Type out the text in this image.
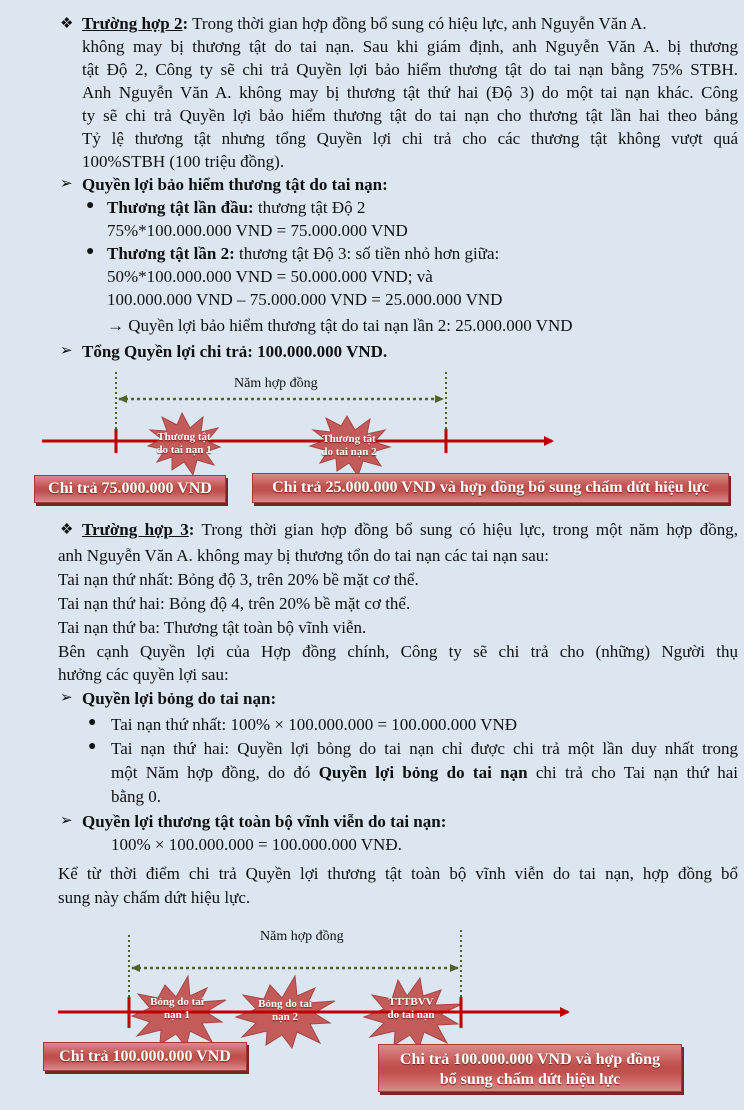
❖ Trường hợp 2: Trong thời gian hợp đồng bổ sung có hiệu lực, anh Nguyễn Văn A.
không may bị thương tật do tai nạn. Sau khi giám định, anh Nguyễn Văn A. bị thương
tật Độ 2, Công ty sẽ chi trả Quyền lợi bảo hiểm thương tật do tai nạn bằng 75% STBH.
Anh Nguyễn Văn A. không may bị thương tật thứ hai (Độ 3) do một tai nạn khác. Công
ty sẽ chi trả Quyền lợi bảo hiểm thương tật do tai nạn cho thương tật lần hai theo bảng
Tỷ lệ thương tật nhưng tổng Quyền lợi chi trả cho các thương tật không vượt quá
100%STBH (100 triệu đồng).
➢ Quyền lợi bảo hiểm thương tật do tai nạn:
● Thương tật lần đầu: thương tật Độ 2
75%*100.000.000 VND = 75.000.000 VND
● Thương tật lần 2: thương tật Độ 3: số tiền nhỏ hơn giữa:
50%*100.000.000 VND = 50.000.000 VND; và
100.000.000 VND – 75.000.000 VND = 25.000.000 VND
→ Quyền lợi bảo hiểm thương tật do tai nạn lần 2: 25.000.000 VND
➢ Tổng Quyền lợi chi trả: 100.000.000 VND.
Năm hợp đồng
Thương tật
do tai nạn 1
Thương tật
do tai nạn 2
Chi trả 75.000.000 VND	Chi trả 25.000.000 VND và hợp đồng bổ sung chấm dứt hiệu lực
❖ Trường hợp 3: Trong thời gian hợp đồng bổ sung có hiệu lực, trong một năm hợp đồng,
anh Nguyễn Văn A. không may bị thương tổn do tai nạn các tai nạn sau:
Tai nạn thứ nhất: Bỏng độ 3, trên 20% bề mặt cơ thể.
Tai nạn thứ hai: Bỏng độ 4, trên 20% bề mặt cơ thể.
Tai nạn thứ ba: Thương tật toàn bộ vĩnh viễn.
Bên cạnh Quyền lợi của Hợp đồng chính, Công ty sẽ chi trả cho (những) Người thụ
hưởng các quyền lợi sau:
➢ Quyền lợi bỏng do tai nạn:
● Tai nạn thứ nhất: 100% × 100.000.000 = 100.000.000 VNĐ
● Tai nạn thứ hai: Quyền lợi bỏng do tai nạn chỉ được chi trả một lần duy nhất trong
một Năm hợp đồng, do đó Quyền lợi bỏng do tai nạn chi trả cho Tai nạn thứ hai
bằng 0.
➢ Quyền lợi thương tật toàn bộ vĩnh viễn do tai nạn:
100% × 100.000.000 = 100.000.000 VNĐ.
Kể từ thời điểm chi trả Quyền lợi thương tật toàn bộ vĩnh viễn do tai nạn, hợp đồng bổ
sung này chấm dứt hiệu lực.
Năm hợp đồng
Bỏng do tai
nạn 1
Bỏng do tai
nạn 2
TTTBVV
do tai nạn
Chi trả 100.000.000 VND	Chi trả 100.000.000 VND và hợp đồng
bổ sung chấm dứt hiệu lực
